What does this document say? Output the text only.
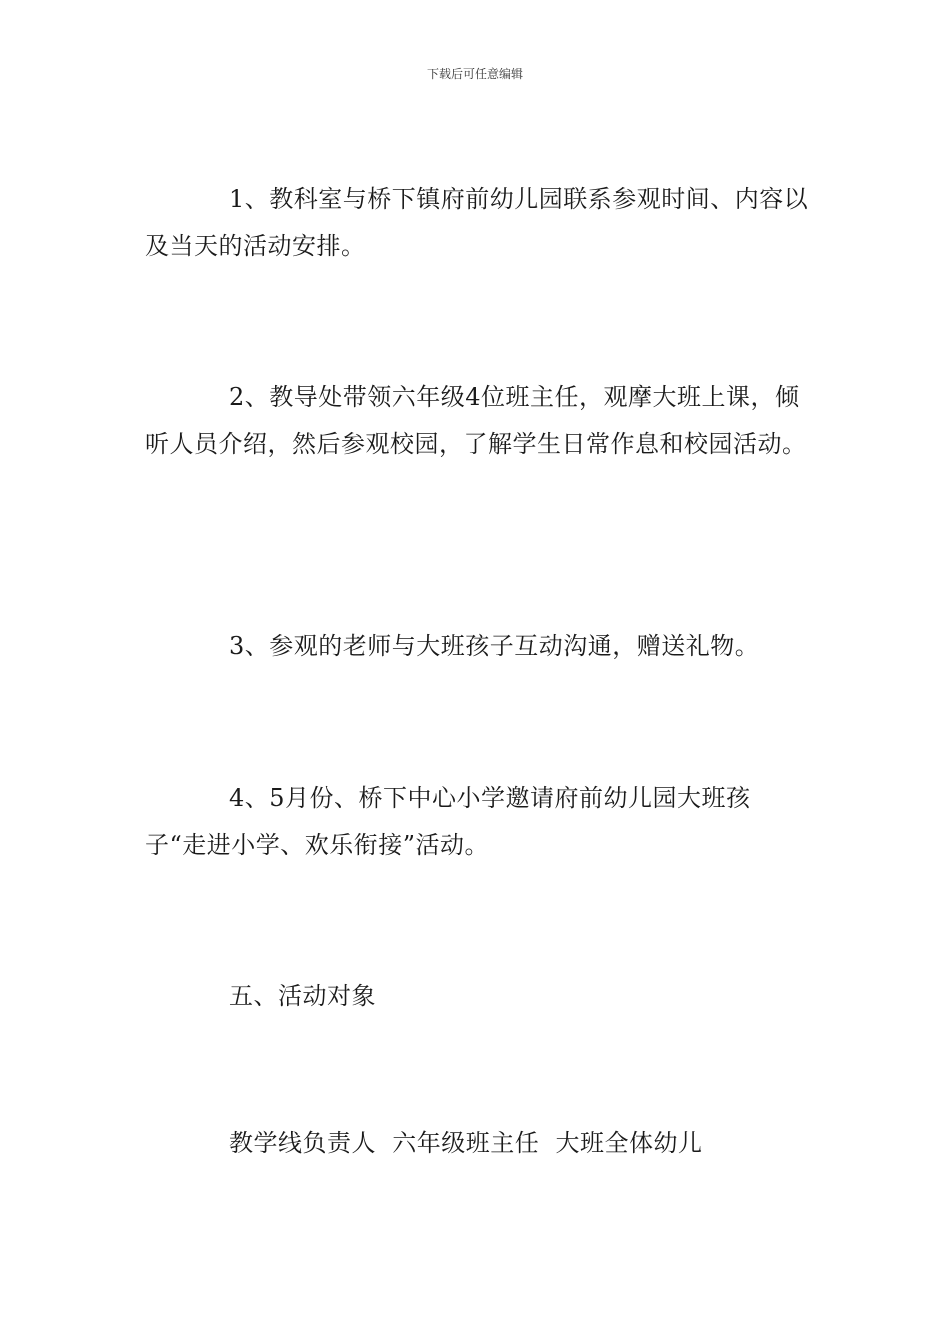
下载后可任意编辑

1、教科室与桥下镇府前幼儿园联系参观时间、内容以及当天的活动安排。

2、教导处带领六年级4位班主任，观摩大班上课，倾听人员介绍，然后参观校园，了解学生日常作息和校园活动。

3、参观的老师与大班孩子互动沟通，赠送礼物。

4、5月份、桥下中心小学邀请府前幼儿园大班孩子“走进小学、欢乐衔接”活动。

五、活动对象

教学线负责人  六年级班主任  大班全体幼儿
